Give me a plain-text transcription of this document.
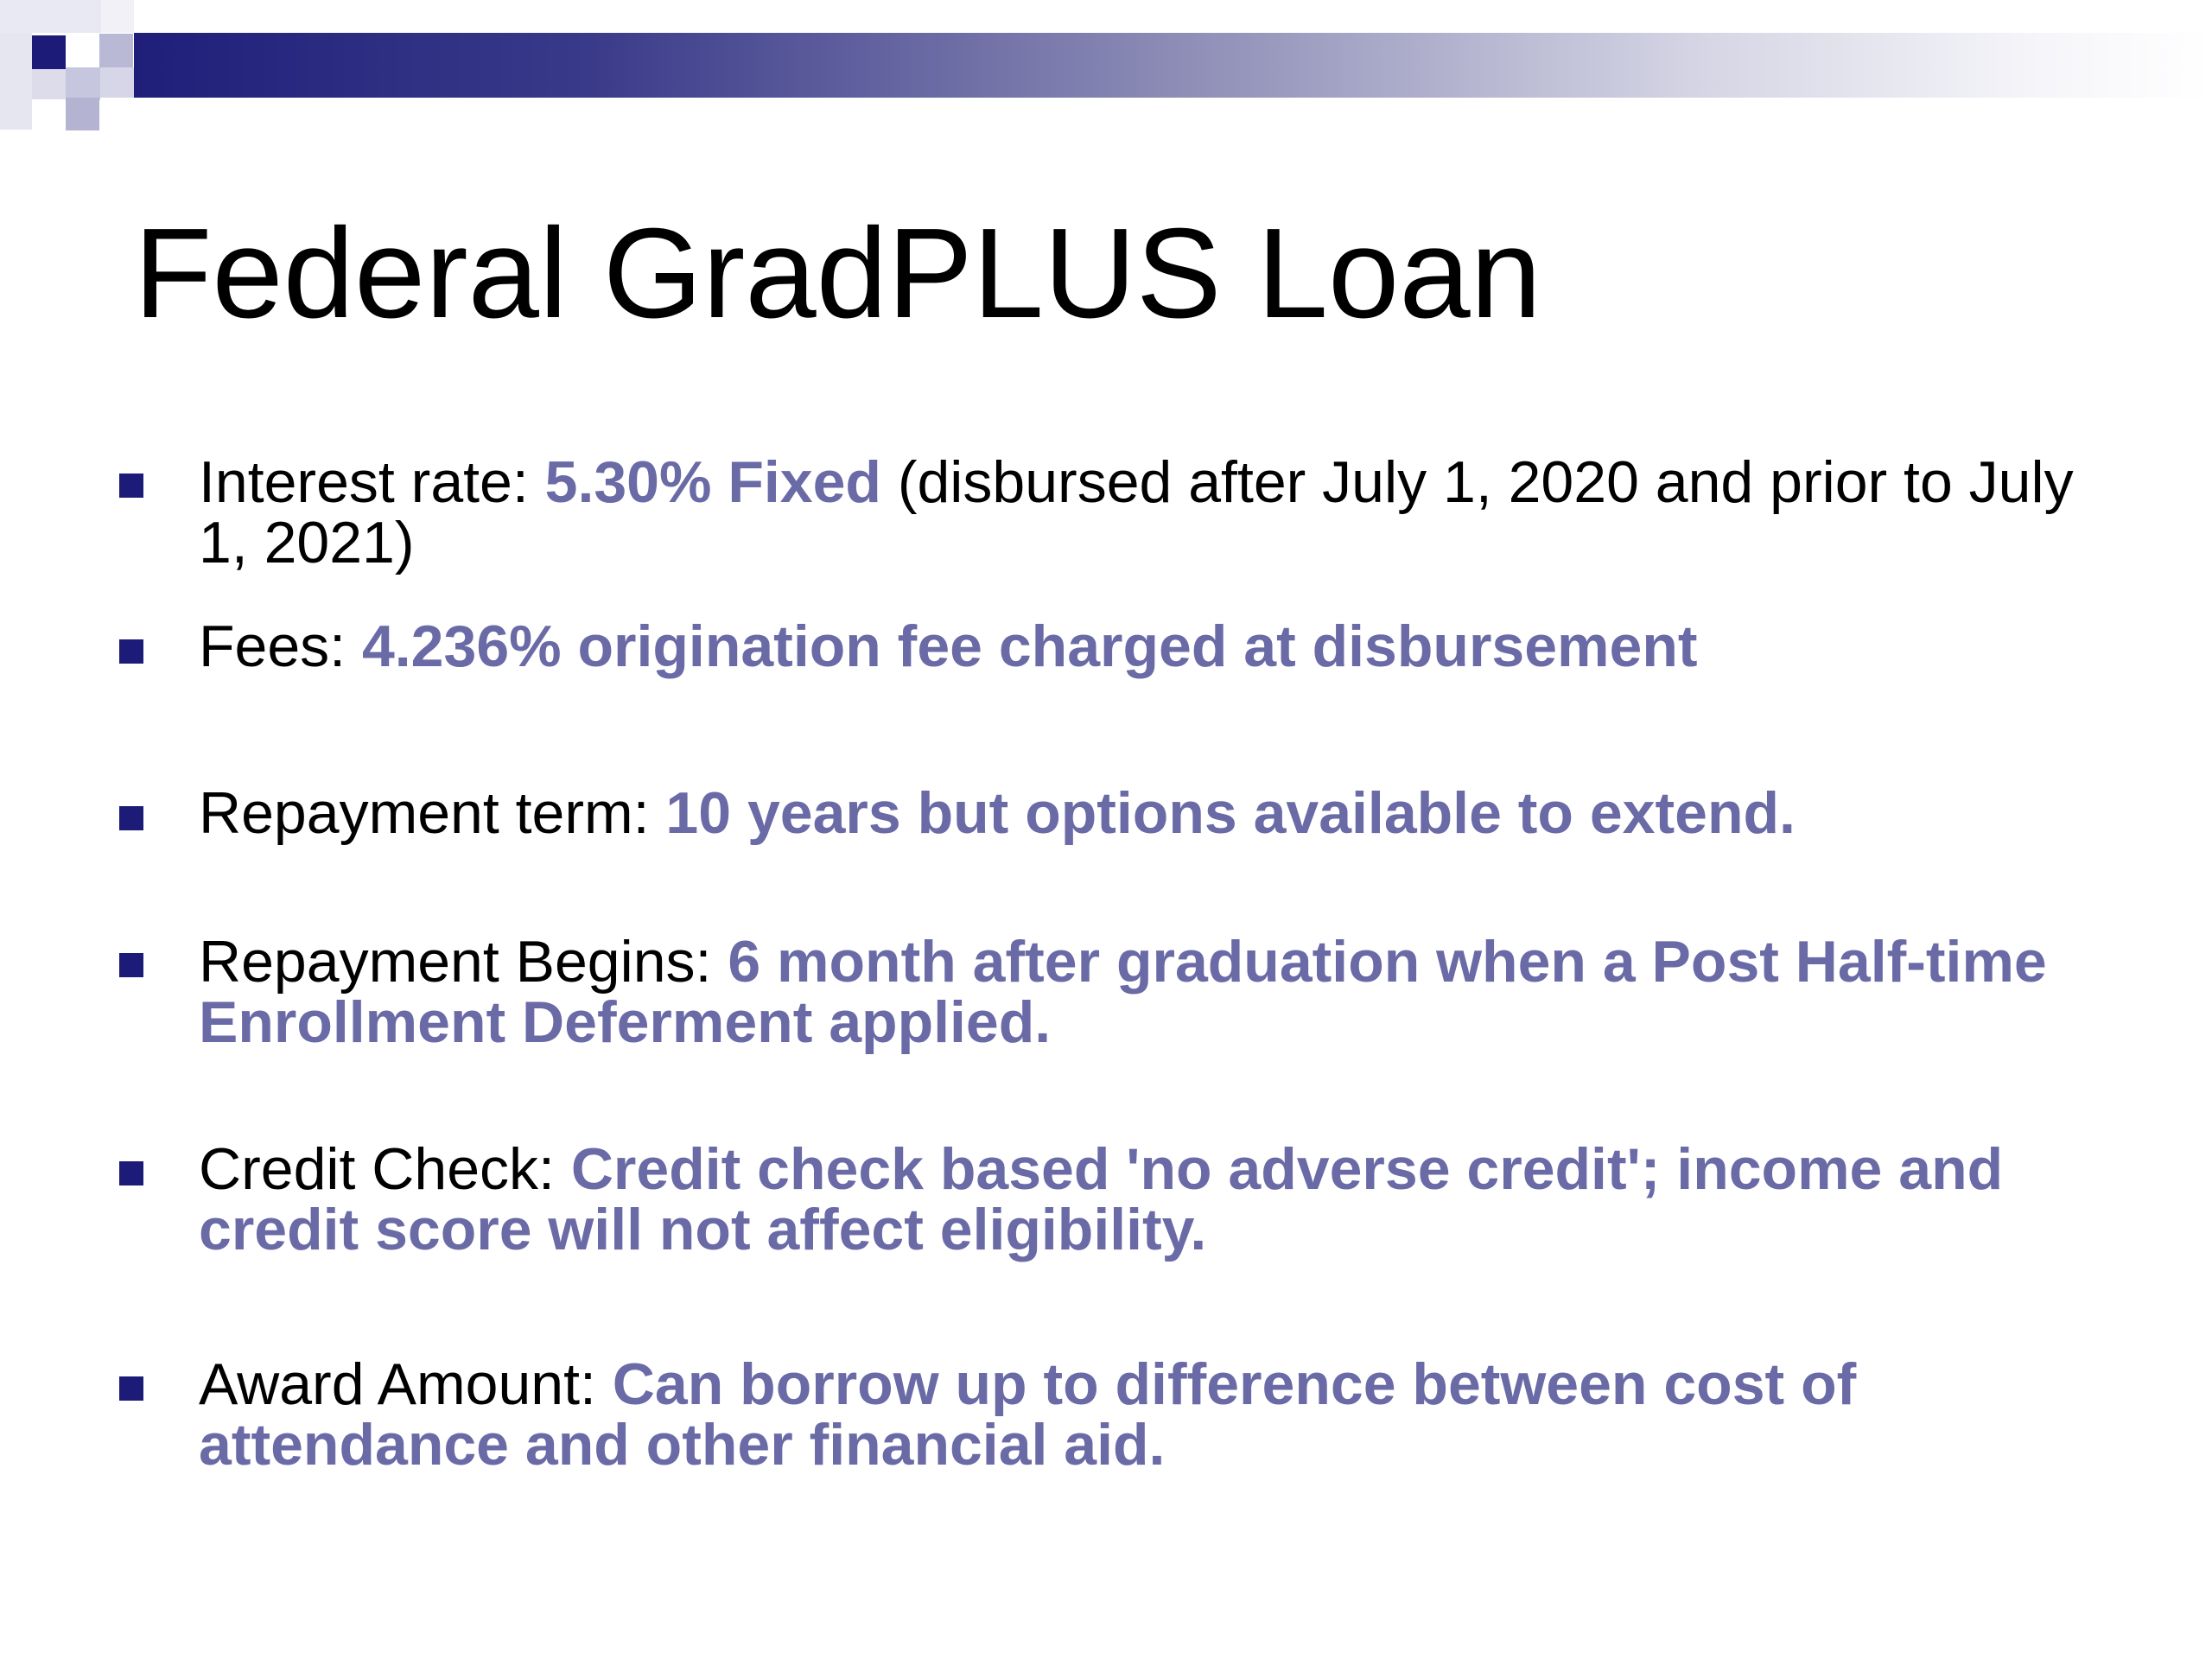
Federal GradPLUS Loan
Interest rate: 5.30% Fixed (disbursed after July 1, 2020 and prior to July 1, 2021)
Fees: 4.236% origination fee charged at disbursement
Repayment term: 10 years but options available to extend.
Repayment Begins: 6 month after graduation when a Post Half-time Enrollment Deferment applied.
Credit Check: Credit check based 'no adverse credit'; income and credit score will not affect eligibility.
Award Amount: Can borrow up to difference between cost of attendance and other financial aid.
